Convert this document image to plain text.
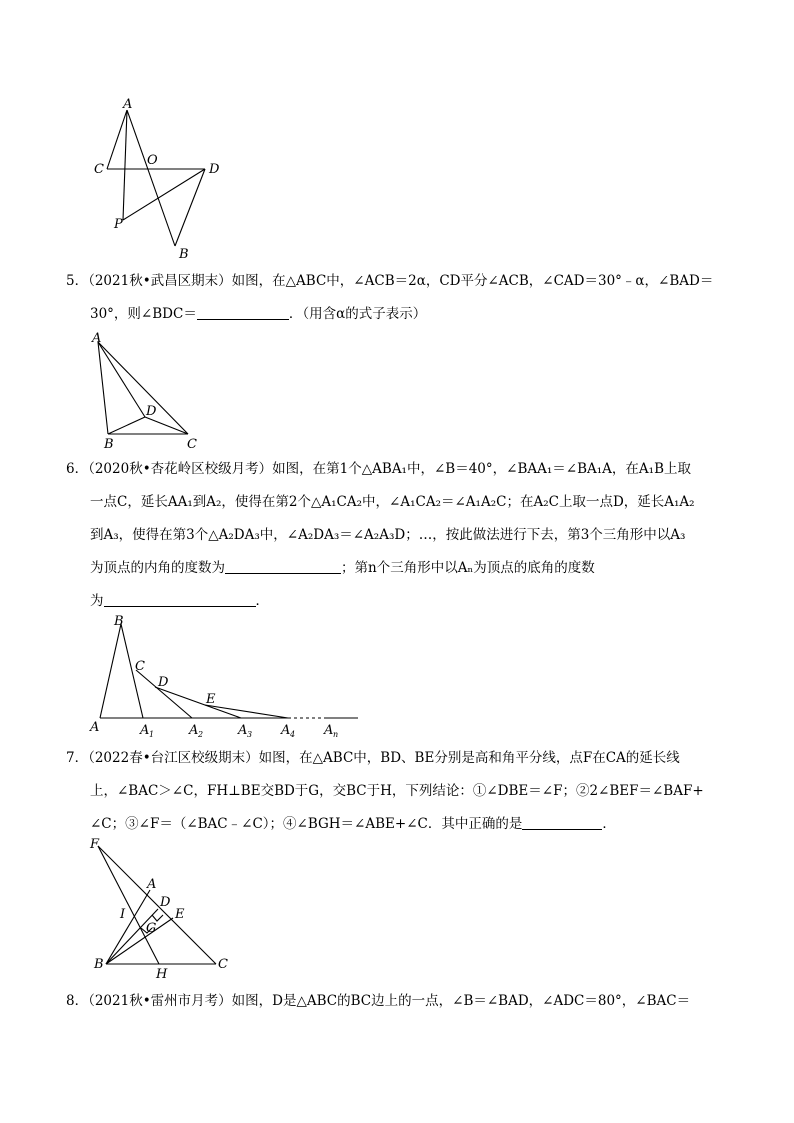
A
C
O
D
P
B
5．（2021秋•武昌区期末）如图，在△ABC中，∠ACB＝2α，CD平分∠ACB，∠CAD＝30°﹣α，∠BAD＝
30°，则∠BDC＝	．（用含α的式子表示）
A
D
B	C
6．（2020秋•杏花岭区校级月考）如图，在第1个△ABA₁中，∠B＝40°，∠BAA₁＝∠BA₁A，在A₁B上取
一点C，延长AA₁到A₂，使得在第2个△A₁CA₂中，∠A₁CA₂＝∠A₁A₂C；在A₂C上取一点D，延长A₁A₂
到A₃，使得在第3个△A₂DA₃中，∠A₂DA₃＝∠A₂A₃D；…，按此做法进行下去，第3个三角形中以A₃
为顶点的内角的度数为	；第n个三角形中以Aₙ为顶点的底角的度数
为	．
B
C
D
E
A	A 1	A 2	A 3 A 4 A n
7．（2022春•台江区校级期末）如图，在△ABC中，BD、BE分别是高和角平分线，点F在CA的延长线
上，∠BAC＞∠C，FH⊥BE交BD于G，交BC于H，下列结论：①∠DBE＝∠F；②2∠BEF＝∠BAF+
∠C；③∠F＝（∠BAC﹣∠C）；④∠BGH＝∠ABE+∠C．其中正确的是	．
F
A
D
I	E
G
B
H
C
8．（2021秋•雷州市月考）如图，D是△ABC的BC边上的一点，∠B＝∠BAD，∠ADC＝80°，∠BAC＝
